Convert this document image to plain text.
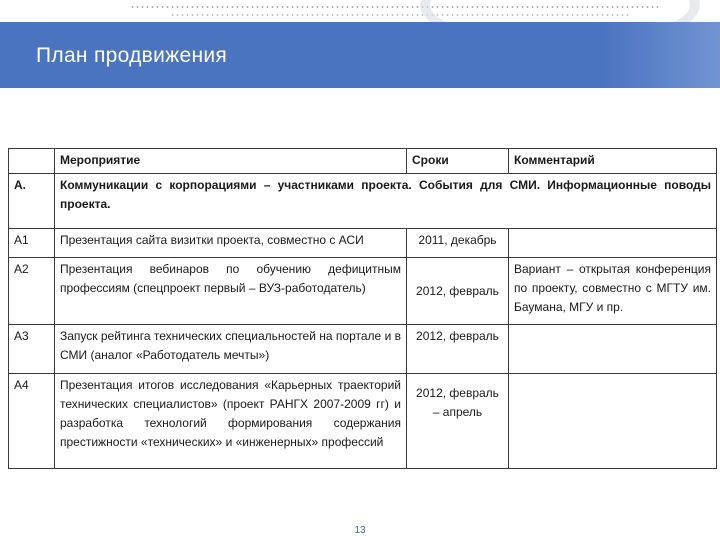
План продвижения
	Мероприятие	Сроки	Комментарий
А.	Коммуникации с корпорациями – участниками проекта. События для СМИ. Информационные поводы проекта.		
А1	Презентация сайта визитки проекта, совместно с АСИ	2011, декабрь	
А2	Презентация вебинаров по обучению дефицитным профессиям (спецпроект первый – ВУЗ-работодатель)	2012, февраль	Вариант – открытая конференция по проекту, совместно с МГТУ им. Баумана, МГУ и пр.
А3	Запуск рейтинга технических специальностей на портале и в СМИ (аналог «Работодатель мечты»)	2012, февраль	
А4	Презентация итогов исследования «Карьерных траекторий технических специалистов» (проект РАНГХ 2007-2009 гг) и разработка технологий формирования содержания престижности «технических» и «инженерных» профессий	2012, февраль – апрель	
13
